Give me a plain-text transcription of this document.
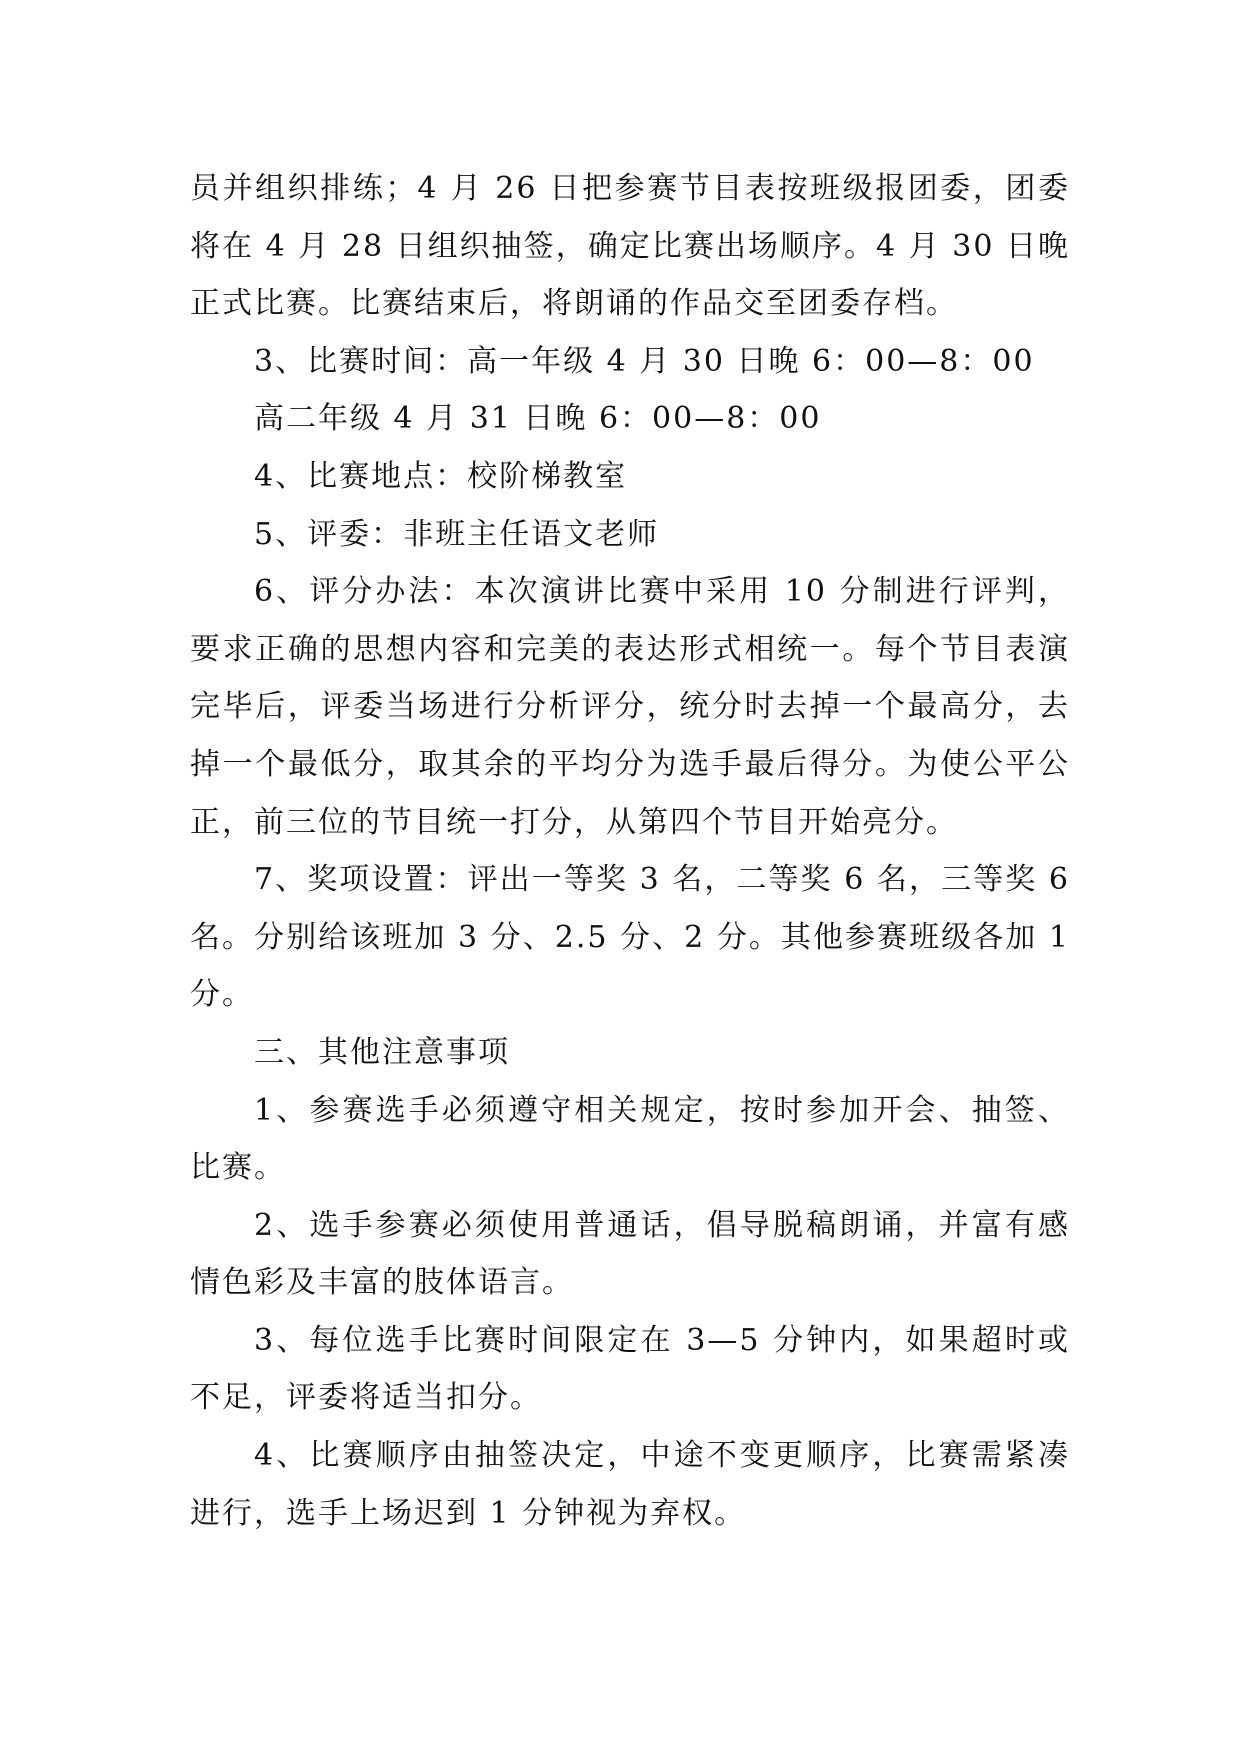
员并组织排练；4 月 26 日把参赛节目表按班级报团委，团委将在 4 月 28 日组织抽签，确定比赛出场顺序。4 月 30 日晚正式比赛。比赛结束后，将朗诵的作品交至团委存档。

3、比赛时间：高一年级 4 月 30 日晚 6：00—8：00

高二年级 4 月 31 日晚 6：00—8：00

4、比赛地点：校阶梯教室

5、评委：非班主任语文老师

6、评分办法：本次演讲比赛中采用 10 分制进行评判，要求正确的思想内容和完美的表达形式相统一。每个节目表演完毕后，评委当场进行分析评分，统分时去掉一个最高分，去掉一个最低分，取其余的平均分为选手最后得分。为使公平公正，前三位的节目统一打分，从第四个节目开始亮分。

7、奖项设置：评出一等奖 3 名，二等奖 6 名，三等奖 6 名。分别给该班加 3 分、2.5 分、2 分。其他参赛班级各加 1 分。

三、其他注意事项

1、参赛选手必须遵守相关规定，按时参加开会、抽签、比赛。

2、选手参赛必须使用普通话，倡导脱稿朗诵，并富有感情色彩及丰富的肢体语言。

3、每位选手比赛时间限定在 3—5 分钟内，如果超时或不足，评委将适当扣分。

4、比赛顺序由抽签决定，中途不变更顺序，比赛需紧凑进行，选手上场迟到 1 分钟视为弃权。
